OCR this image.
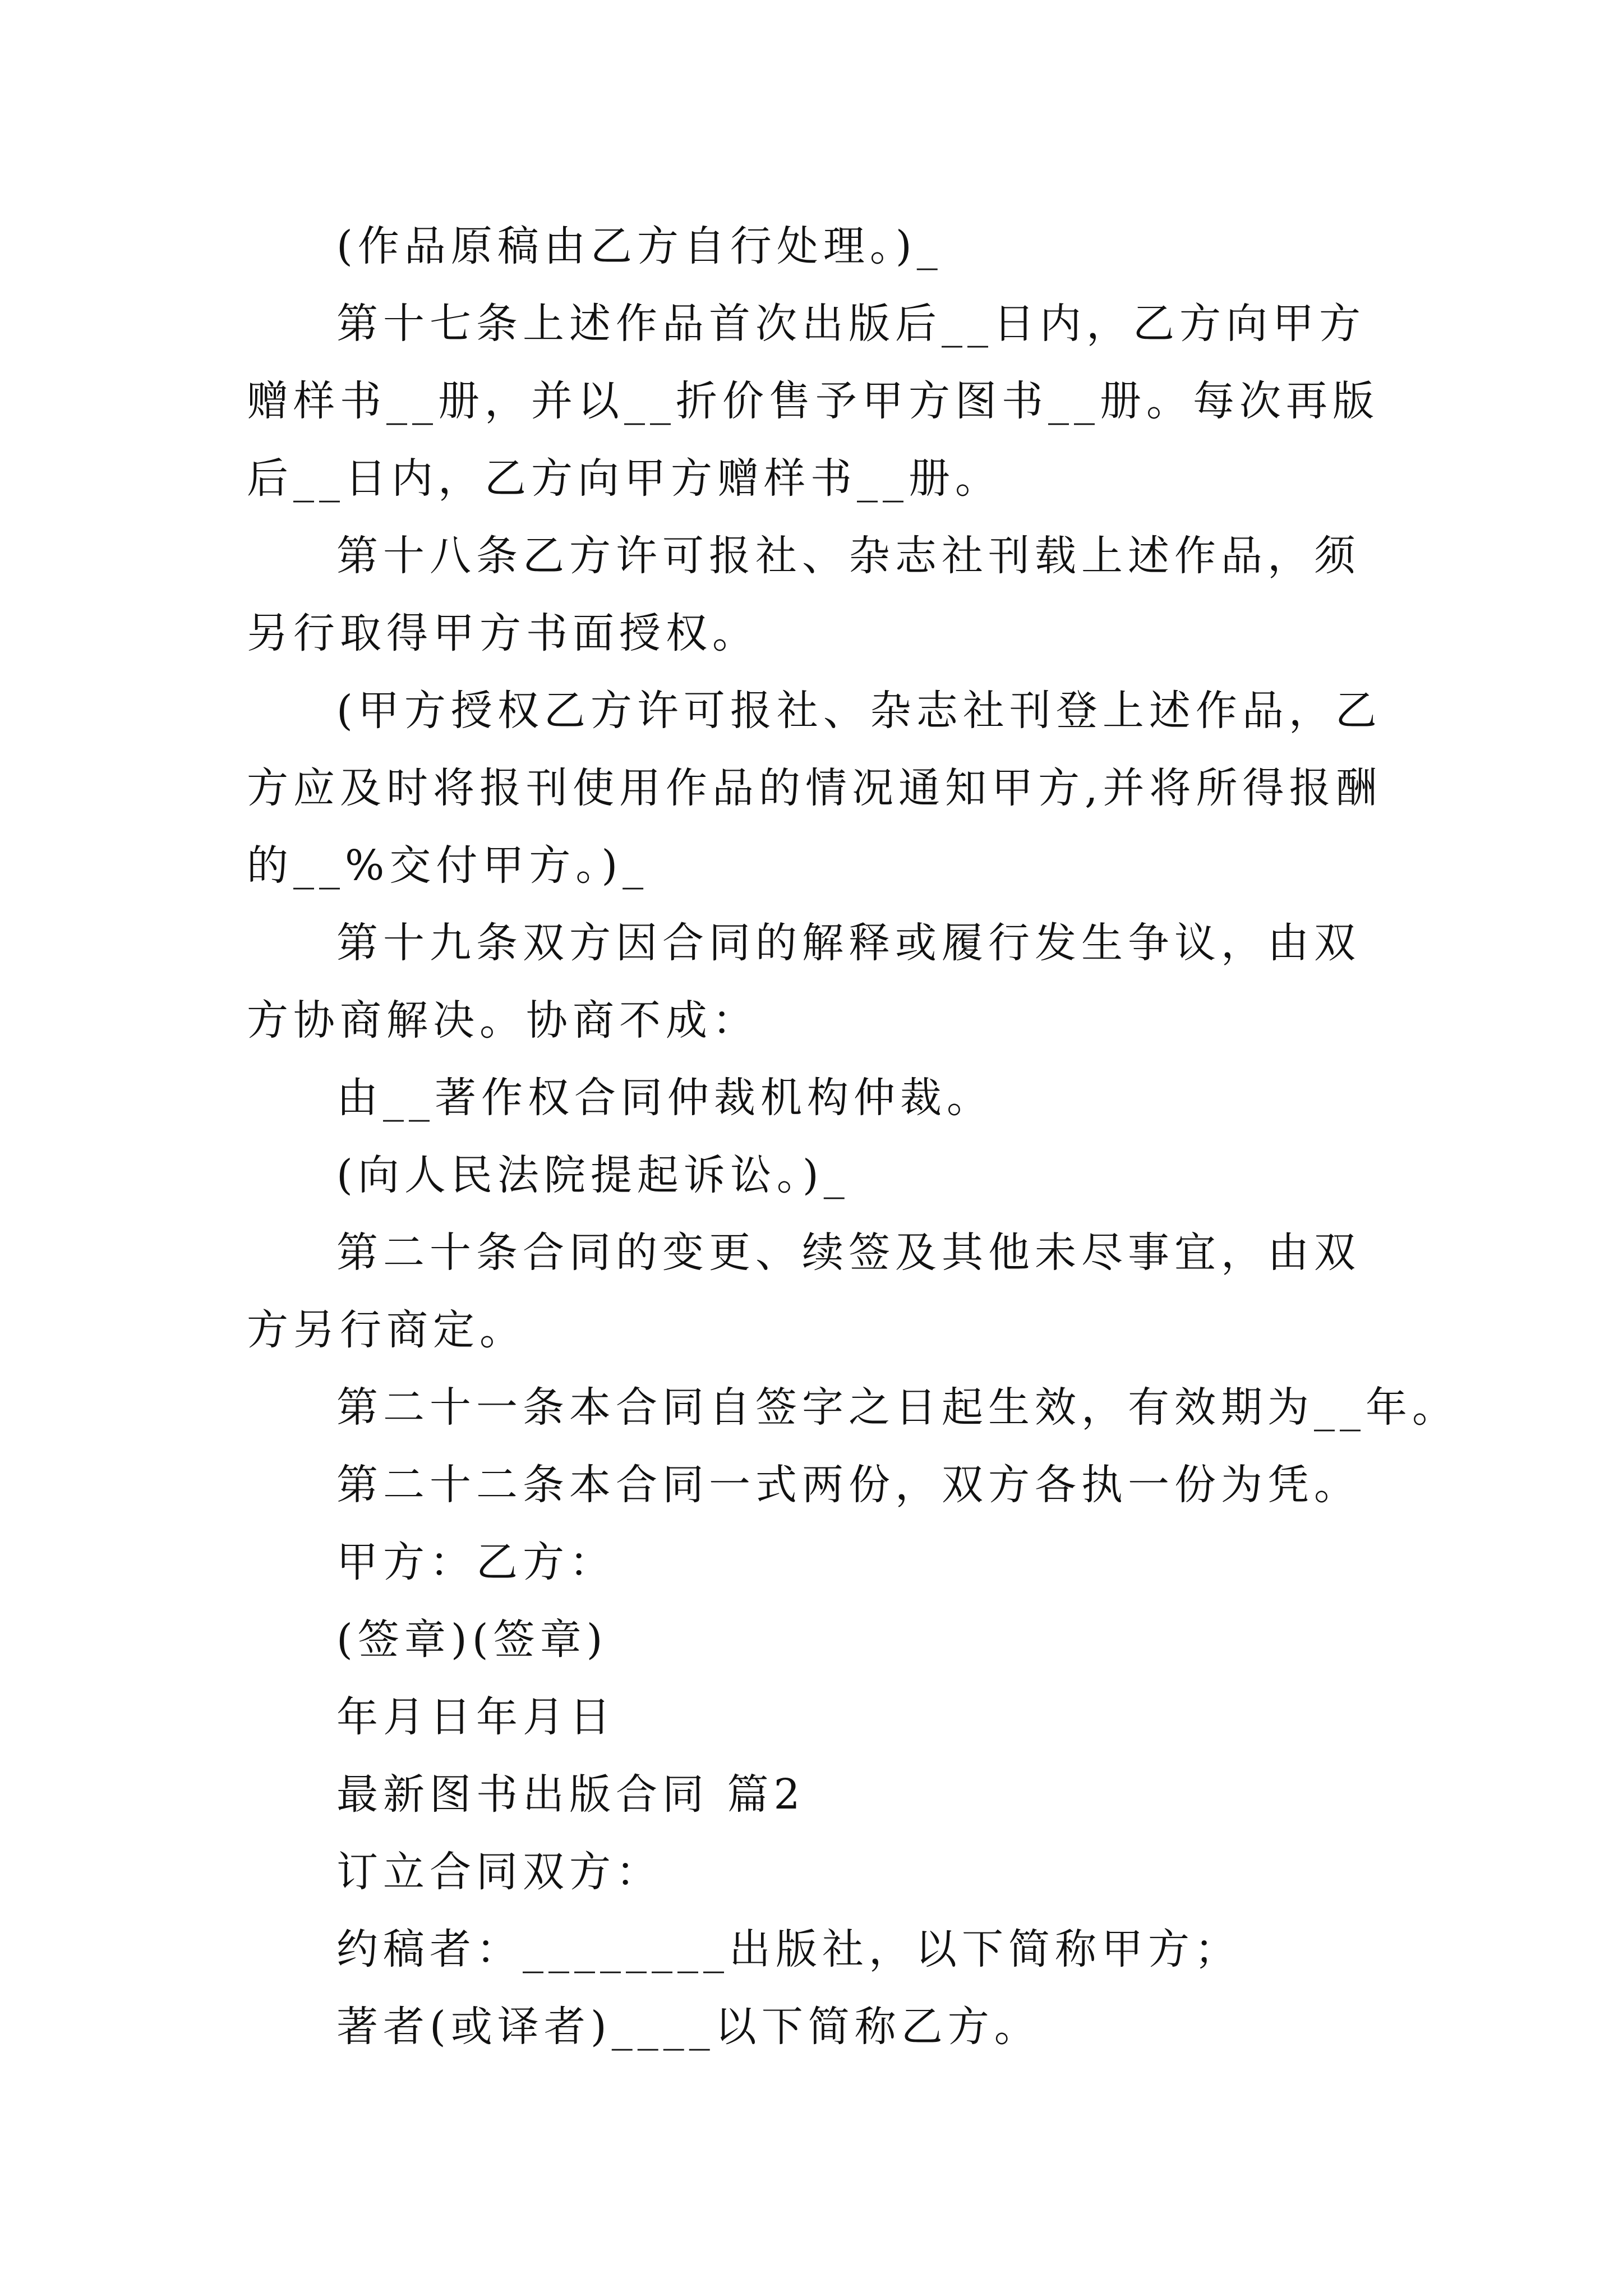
(作品原稿由乙方自行处理。)_

第十七条上述作品首次出版后__日内，乙方向甲方赠样书__册，并以__折价售予甲方图书__册。每次再版后__日内，乙方向甲方赠样书__册。

第十八条乙方许可报社、杂志社刊载上述作品，须另行取得甲方书面授权。

(甲方授权乙方许可报社、杂志社刊登上述作品，乙方应及时将报刊使用作品的情况通知甲方,并将所得报酬的__%交付甲方。)_

第十九条双方因合同的解释或履行发生争议，由双方协商解决。协商不成：

由__著作权合同仲裁机构仲裁。

(向人民法院提起诉讼。)_

第二十条合同的变更、续签及其他未尽事宜，由双方另行商定。

第二十一条本合同自签字之日起生效，有效期为__年。

第二十二条本合同一式两份，双方各执一份为凭。

甲方：乙方：

(签章)(签章)

年月日年月日

最新图书出版合同 篇2

订立合同双方：

约稿者：________出版社，以下简称甲方；

著者(或译者)____以下简称乙方。
